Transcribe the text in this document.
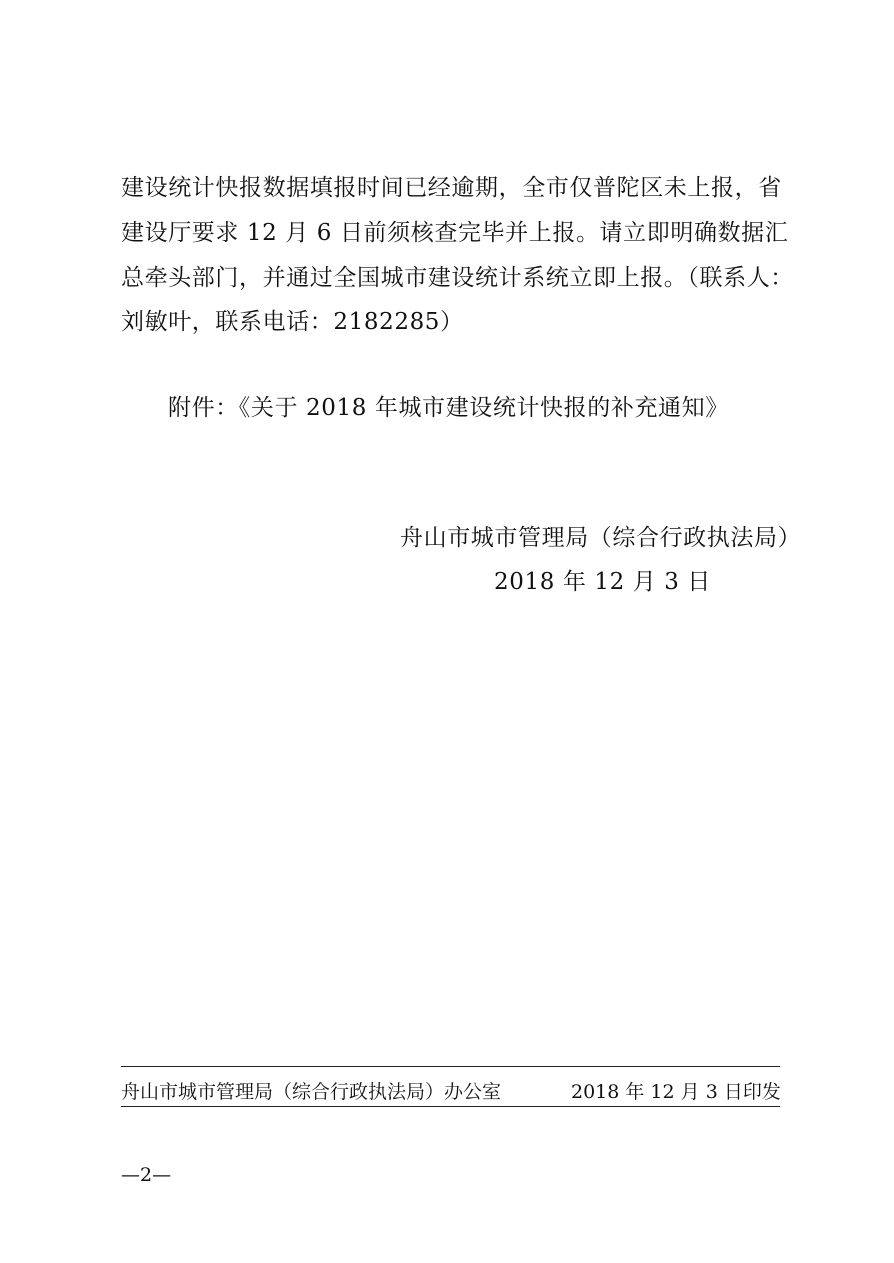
建设统计快报数据填报时间已经逾期，全市仅普陀区未上报，省
建设厅要求 12 月 6 日前须核查完毕并上报。请立即明确数据汇
总牵头部门，并通过全国城市建设统计系统立即上报。（联系人：
刘敏叶，联系电话：2182285）
附件：《关于 2018 年城市建设统计快报的补充通知》
舟山市城市管理局（综合行政执法局）
2018 年 12 月 3 日
舟山市城市管理局（综合行政执法局）办公室	2018 年 12 月 3 日印发
—2—
